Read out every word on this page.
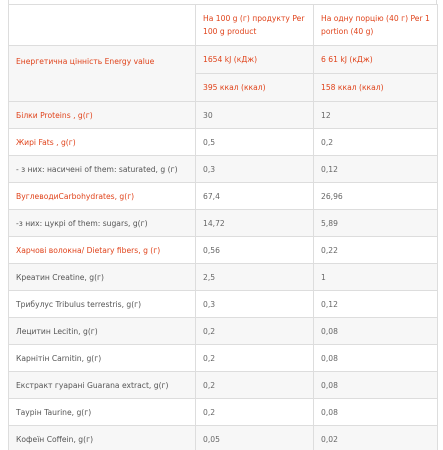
	На 100 g (г) продукту Per 100 g product	На одну порцію (40 г) Per 1 portion (40 g)
Енергетична цінність Energy value	1654 kJ (кДж)	6 61 kJ (кДж)
	395 ккал (ккал)	158 ккал (ккал)
Білки Proteins , g(г)	30	12
Жирі Fats , g(г)	0,5	0,2
- з них: насичені of them: saturated, g (г)	0,3	0,12
ВуглеводиCarbohydrates, g(г)	67,4	26,96
-з них: цукрі of them: sugars, g(г)	14,72	5,89
Харчові волокна/ Dietary fibers, g (г)	0,56	0,22
Креатин Creatine, g(г)	2,5	1
Трибулус Tribulus terrestris, g(г)	0,3	0,12
Лецитин Lecitin, g(г)	0,2	0,08
Карнітін Carnitin, g(г)	0,2	0,08
Екстракт гуарані Guarana extract, g(г)	0,2	0,08
Таурін Taurine, g(г)	0,2	0,08
Кофеїн Coffein, g(г)	0,05	0,02
